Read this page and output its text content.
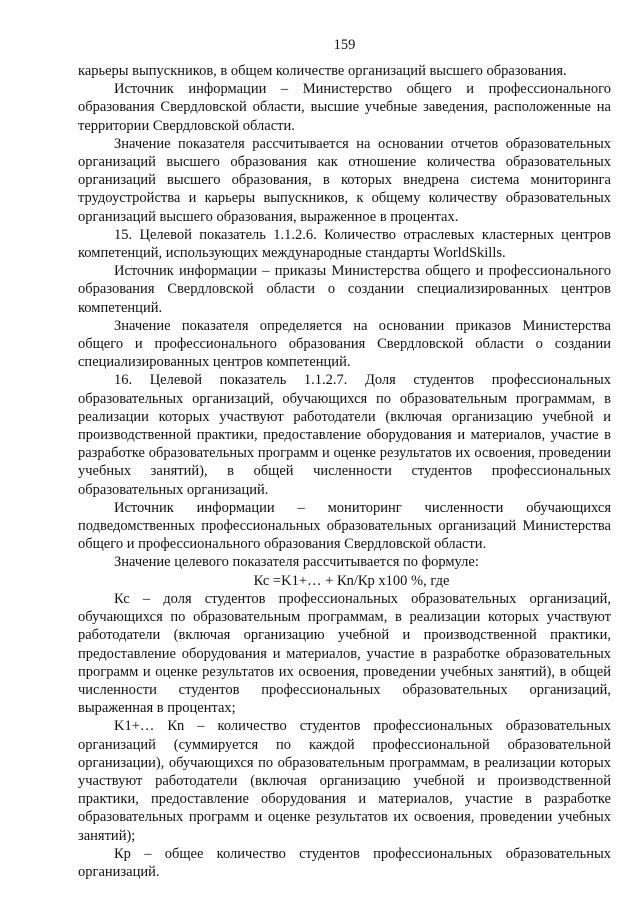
159

карьеры выпускников, в общем количестве организаций высшего образования.

Источник информации – Министерство общего и профессионального образования Свердловской области, высшие учебные заведения, расположенные на территории Свердловской области.

Значение показателя рассчитывается на основании отчетов образовательных организаций высшего образования как отношение количества образовательных организаций высшего образования, в которых внедрена система мониторинга трудоустройства и карьеры выпускников, к общему количеству образовательных организаций высшего образования, выраженное в процентах.

15. Целевой показатель 1.1.2.6. Количество отраслевых кластерных центров компетенций, использующих международные стандарты WorldSkills.

Источник информации – приказы Министерства общего и профессионального образования Свердловской области о создании специализированных центров компетенций.

Значение показателя определяется на основании приказов Министерства общего и профессионального образования Свердловской области о создании специализированных центров компетенций.

16. Целевой показатель 1.1.2.7. Доля студентов профессиональных образовательных организаций, обучающихся по образовательным программам, в реализации которых участвуют работодатели (включая организацию учебной и производственной практики, предоставление оборудования и материалов, участие в разработке образовательных программ и оценке результатов их освоения, проведении учебных занятий), в общей численности студентов профессиональных образовательных организаций.

Источник информации – мониторинг численности обучающихся подведомственных профессиональных образовательных организаций Министерства общего и профессионального образования Свердловской области.

Значение целевого показателя рассчитывается по формуле:

Кс =K1+… + Кn/Кр х100 %, где

Кс – доля студентов профессиональных образовательных организаций, обучающихся по образовательным программам, в реализации которых участвуют работодатели (включая организацию учебной и производственной практики, предоставление оборудования и материалов, участие в разработке образовательных программ и оценке результатов их освоения, проведении учебных занятий), в общей численности студентов профессиональных образовательных организаций, выраженная в процентах;

K1+… Кn – количество студентов профессиональных образовательных организаций (суммируется по каждой профессиональной образовательной организации), обучающихся по образовательным программам, в реализации которых участвуют работодатели (включая организацию учебной и производственной практики, предоставление оборудования и материалов, участие в разработке образовательных программ и оценке результатов их освоения, проведении учебных занятий);

Кр – общее количество студентов профессиональных образовательных организаций.
